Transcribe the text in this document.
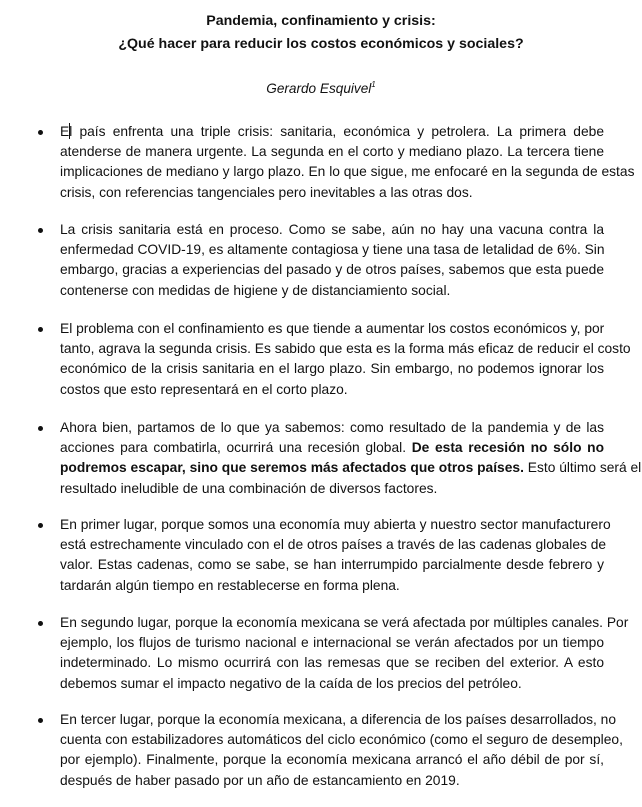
Pandemia, confinamiento y crisis:
¿Qué hacer para reducir los costos económicos y sociales?
Gerardo Esquivel$^1$
El país enfrenta una triple crisis: sanitaria, económica y petrolera. La primera debe
atenderse de manera urgente. La segunda en el corto y mediano plazo. La tercera tiene
implicaciones de mediano y largo plazo. En lo que sigue, me enfocaré en la segunda de estas
crisis, con referencias tangenciales pero inevitables a las otras dos.
La crisis sanitaria está en proceso. Como se sabe, aún no hay una vacuna contra la
enfermedad COVID-19, es altamente contagiosa y tiene una tasa de letalidad de 6%. Sin
embargo, gracias a experiencias del pasado y de otros países, sabemos que esta puede
contenerse con medidas de higiene y de distanciamiento social.
El problema con el confinamiento es que tiende a aumentar los costos económicos y, por
tanto, agrava la segunda crisis. Es sabido que esta es la forma más eficaz de reducir el costo
económico de la crisis sanitaria en el largo plazo. Sin embargo, no podemos ignorar los
costos que esto representará en el corto plazo.
Ahora bien, partamos de lo que ya sabemos: como resultado de la pandemia y de las
acciones para combatirla, ocurrirá una recesión global. De esta recesión no sólo no
podremos escapar, sino que seremos más afectados que otros países. Esto último será el
resultado ineludible de una combinación de diversos factores.
En primer lugar, porque somos una economía muy abierta y nuestro sector manufacturero
está estrechamente vinculado con el de otros países a través de las cadenas globales de
valor. Estas cadenas, como se sabe, se han interrumpido parcialmente desde febrero y
tardarán algún tiempo en restablecerse en forma plena.
En segundo lugar, porque la economía mexicana se verá afectada por múltiples canales. Por
ejemplo, los flujos de turismo nacional e internacional se verán afectados por un tiempo
indeterminado. Lo mismo ocurrirá con las remesas que se reciben del exterior. A esto
debemos sumar el impacto negativo de la caída de los precios del petróleo.
En tercer lugar, porque la economía mexicana, a diferencia de los países desarrollados, no
cuenta con estabilizadores automáticos del ciclo económico (como el seguro de desempleo,
por ejemplo). Finalmente, porque la economía mexicana arrancó el año débil de por sí,
después de haber pasado por un año de estancamiento en 2019.
